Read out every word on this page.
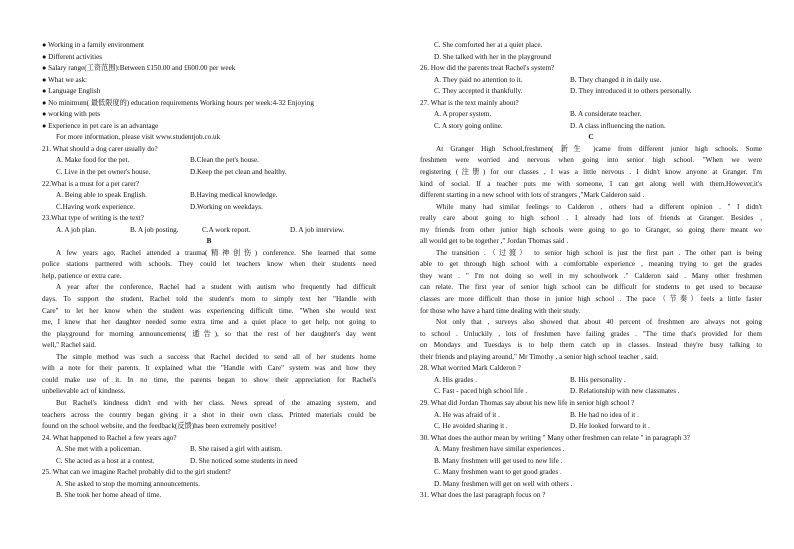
● Working in a family environment
● Different activities
● Salary range(工资范围):Between £150.00 and £600.00 per week
● What we ask:
● Language English
● No minimum( 最低限度的) education requirements Working hours per week:4-32 Enjoying
● working with pets
● Experience in pet care is an advantage
For more information, please visit www.studentjob.co.uk
21. What should a dog carer usually do?
A. Make food for the pet.	B.Clean the pet's house.
C. Live in the pet owner's house.	D.Keep the pet clean and healthy.
22.What is a must for a pet carer?
A. Being able to speak English.	B.Having medical knowledge.
C.Having work experience.	D.Working on weekdays.
23.What type of writing is the text?
A. A job plan.	B. A job posting.	C.A work report.	D. A job interview.
B
A few years ago, Rachel attended a trauma(精神创伤) conference. She learned that some
police stations partnered with schools. They could let teachers know when their students need
help, patience or extra care.
A year after the conference, Rachel had a student with autism who frequently had difficult
days. To support the student, Rachel told the student's mom to simply text her "Handle with
Care" to let her know when the student was experiencing difficult time. "When she would text
me, I knew that her daughter needed some extra time and a quiet place to get help, not going to
the playground for morning announcements( 通告), so that the rest of her daughter's day went
well," Rachel said.
The simple method was such a success that Rachel decided to send all of her students home
with a note for their parents. It explained what the "Handle with Care" system was and how they
could make use of it. In no time, the parents began to show their appreciation for Rachel's
unbelievable act of kindness.
But Rachel's kindness didn't end with her class. News spread of the amazing system, and
teachers across the country began giving it a shot in their own class. Printed materials could be
found on the school website, and the feedback(反馈)has been extremely positive!
24. What happened to Rachel a few years ago?
A. She met with a policeman.	B. She raised a girl with autism.
C. She acted as a host at a contest.	D. She noticed some students in need
25. What can we imagine Rachel probably did to the girl student?
A. She asked to stop the morning announcements.
B. She took her home ahead of time.
C. She comforted her at a quiet place.
D. She talked with her in the playground
26. How did the parents treat Rachel's system?
A. They paid no attention to it.	B. They changed it in daily use.
C. They accepted it thankfully.	D. They introduced it to others personally.
27. What is the text mainly about?
A. A proper system.	B. A considerate teacher.
C. A story going online.	D. A class influencing the nation.
C
At Granger High School,freshmen( 新生 )came from different junior high schools. Some
freshmen were worried and nervous when going into senior high school. "When we were
registering (注册) for our classes , I was a little nervous . I didn't know anyone at Granger. I'm
kind of social. If a teacher puts me with someone, I can get along well with them.However,it's
different starting in a new school with lots of strangers ,"Mark Calderon said .
While many had similar feelings to Calderon , others had a different opinion . " I didn't
really care about going to high school . I already had lots of friends at Granger. Besides ,
my friends from other junior high schools were going to go to Granger, so going there meant we
all would get to be together ," Jordan Thomas said .
The transition .（过渡） to senior high school is just the first part . The other part is being
able to get through high school with a comfortable experience , meaning trying to get the grades
they want . " I'm not doing so well in my schoolwork ." Calderon said . Many other freshmen
can relate. The first year of senior high school can be difficult for students to get used to because
classes are more difficult than those in junior high school . The pace（节奏）feels a little faster
for those who have a hard time dealing with their study.
Not only that , surveys also showed that about 40 percent of freshmen are always not going
to school . Unluckily , lots of freshmen have failing grades . "The time that's provided for them
on Mondays and Tuesdays is to help them catch up in classes. Instead they're busy talking to
their friends and playing around," Mr Timothy , a senior high school teacher , said.
28. What worried Mark Calderon ?
A. His grades .	B. His personality .
C. Fast - paced high school life .	D. Relationship with new classmates .
29. What did Jordan Thomas say about his new life in senior high school ?
A. He was afraid of it .	B. He had no idea of it .
C. He avoided sharing it .	D. He looked forward to it .
30. What does the author mean by writing " Many other freshmen can relate " in paragraph 3?
A. Many freshmen have similar experiences .
B. Many freshmen will get used to new life .
C. Many freshmen want to get good grades .
D. Many freshmen will get on well with others .
31. What does the last paragraph focus on ?
